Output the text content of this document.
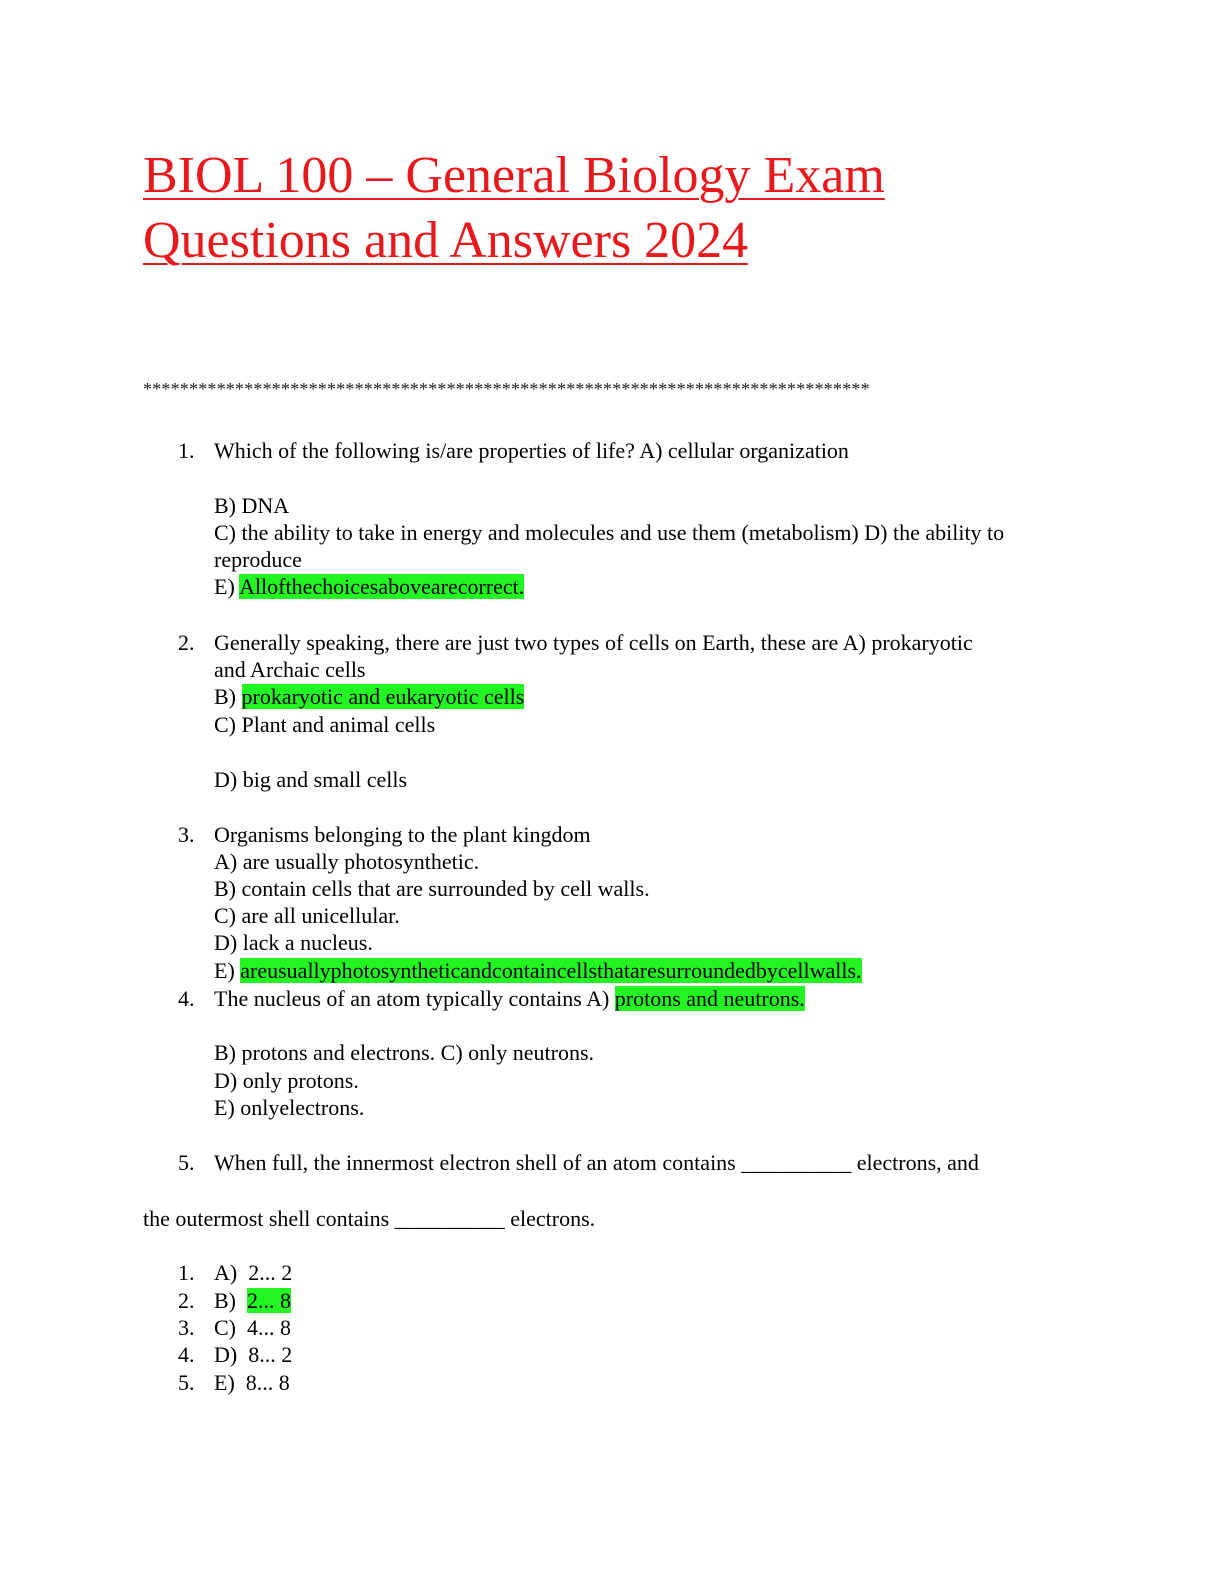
BIOL 100 – General Biology Exam
Questions and Answers 2024
*******************************************************************************
1. Which of the following is/are properties of life? A) cellular organization
B) DNA
C) the ability to take in energy and molecules and use them (metabolism) D) the ability to
reproduce
E) Allofthechoicesabovearecorrect.
2. Generally speaking, there are just two types of cells on Earth, these are A) prokaryotic
and Archaic cells
B) prokaryotic and eukaryotic cells
C) Plant and animal cells
D) big and small cells
3. Organisms belonging to the plant kingdom
A) are usually photosynthetic.
B) contain cells that are surrounded by cell walls.
C) are all unicellular.
D) lack a nucleus.
E) areusuallyphotosyntheticandcontaincellsthataresurroundedbycellwalls.
4. The nucleus of an atom typically contains A) protons and neutrons.
B) protons and electrons. C) only neutrons.
D) only protons.
E) onlyelectrons.
5. When full, the innermost electron shell of an atom contains __________ electrons, and
the outermost shell contains __________ electrons.
1. A) 2... 2
2. B) 2... 8
3. C) 4... 8
4. D) 8... 2
5. E) 8... 8
